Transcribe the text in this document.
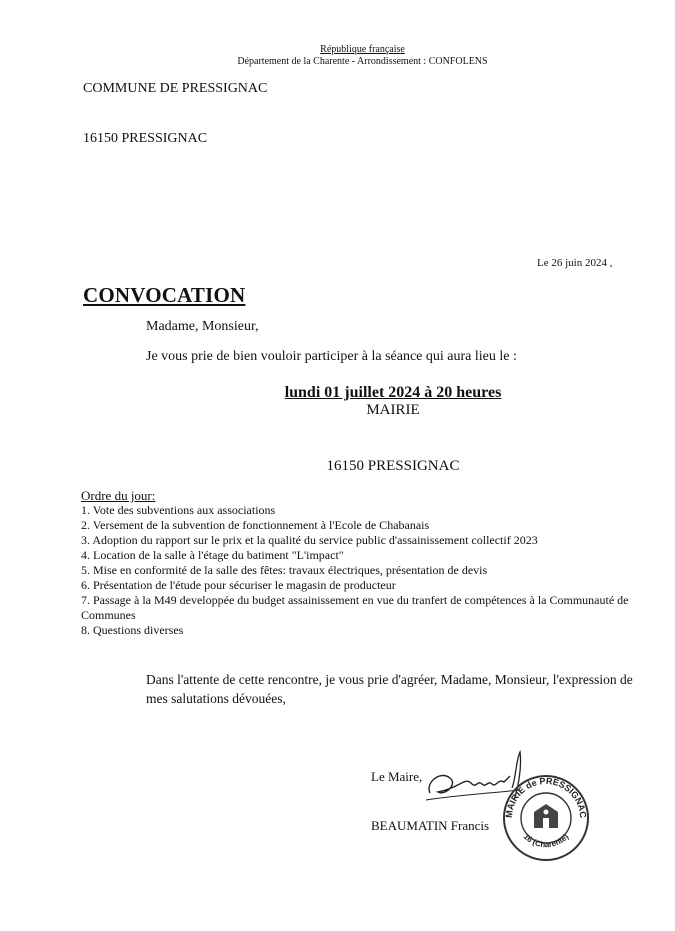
République française
Département de la Charente - Arrondissement : CONFOLENS
COMMUNE DE PRESSIGNAC
16150 PRESSIGNAC
Le 26 juin 2024 ,
CONVOCATION
Madame, Monsieur,
Je vous prie de bien vouloir participer à la séance qui aura lieu le :
lundi 01 juillet 2024 à 20 heures
MAIRIE
16150 PRESSIGNAC
Ordre du jour:
1. Vote des subventions aux associations
2. Versement de la subvention de fonctionnement à l'Ecole de Chabanais
3. Adoption du rapport sur le prix et la qualité du service public d'assainissement collectif 2023
4. Location de la salle à l'étage du batiment "L'impact"
5. Mise en conformité de la salle des fêtes: travaux électriques, présentation de devis
6. Présentation de l'étude pour sécuriser le magasin de producteur
7. Passage à la M49 developpée du budget assainissement en vue du tranfert de compétences à la Communauté de Communes
8. Questions diverses
Dans l'attente de cette rencontre, je vous prie d'agréer, Madame, Monsieur, l'expression de mes salutations dévouées,
Le Maire,
BEAUMATIN Francis
MAIRIE de PRESSIGNAC
16 (Charente)
